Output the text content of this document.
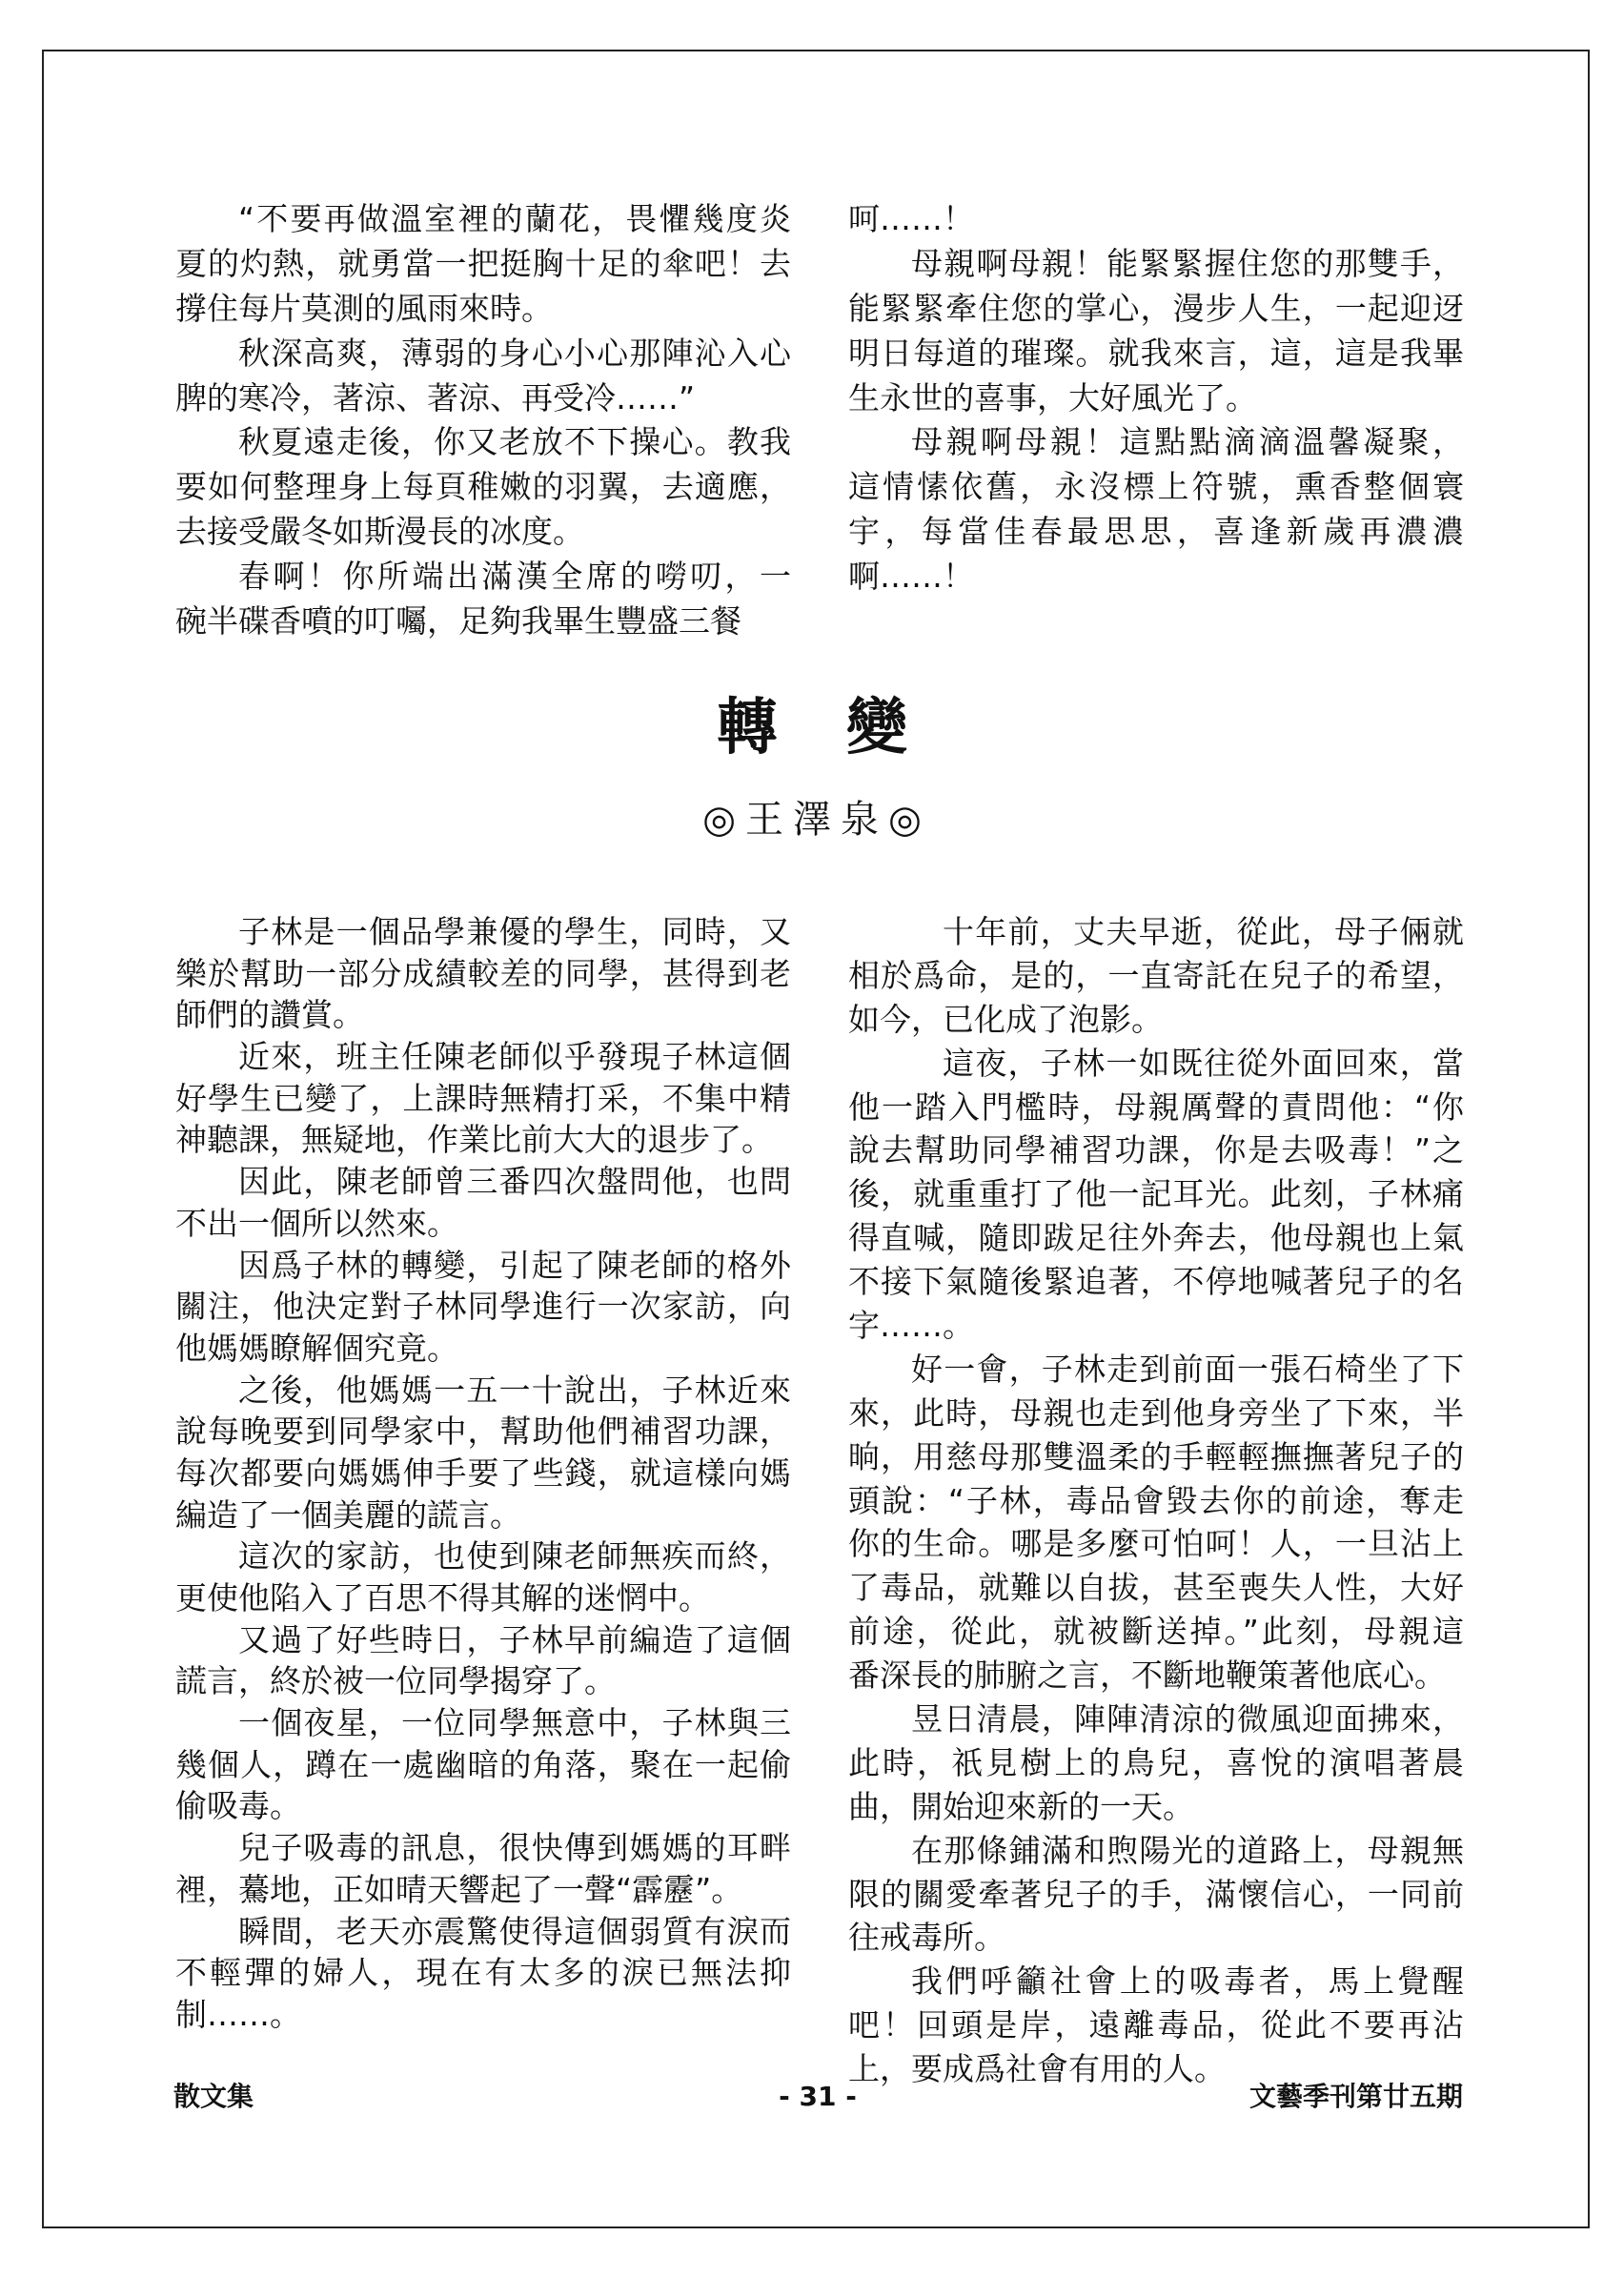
“不要再做溫室裡的蘭花，畏懼幾度炎
夏的灼熱，就勇當一把挺胸十足的傘吧！去
撐住每片莫測的風雨來時。
秋深高爽，薄弱的身心小心那陣沁入心
脾的寒冷，著涼、著涼、再受冷……”
秋夏遠走後，你又老放不下操心。教我
要如何整理身上每頁稚嫩的羽翼，去適應，
去接受嚴冬如斯漫長的冰度。
春啊！你所端出滿漢全席的嘮叨，一
碗半碟香噴的叮囑，足夠我畢生豐盛三餐
呵……！
母親啊母親！能緊緊握住您的那雙手，
能緊緊牽住您的掌心，漫步人生，一起迎迓
明日每道的璀璨。就我來言，這，這是我畢
生永世的喜事，大好風光了。
母親啊母親！這點點滴滴溫馨凝聚，
這情愫依舊，永沒標上符號，熏香整個寰
宇，每當佳春最思思，喜逢新歲再濃濃
啊……！
轉變
◎王澤泉◎
子林是一個品學兼優的學生，同時，又
樂於幫助一部分成績較差的同學，甚得到老
師們的讚賞。
近來，班主任陳老師似乎發現子林這個
好學生已變了，上課時無精打采，不集中精
神聽課，無疑地，作業比前大大的退步了。
因此，陳老師曾三番四次盤問他，也問
不出一個所以然來。
因爲子林的轉變，引起了陳老師的格外
關注，他決定對子林同學進行一次家訪，向
他媽媽瞭解個究竟。
之後，他媽媽一五一十說出，子林近來
說每晚要到同學家中，幫助他們補習功課，
每次都要向媽媽伸手要了些錢，就這樣向媽
編造了一個美麗的謊言。
這次的家訪，也使到陳老師無疾而終，
更使他陷入了百思不得其解的迷惘中。
又過了好些時日，子林早前編造了這個
謊言，終於被一位同學揭穿了。
一個夜星，一位同學無意中，子林與三
幾個人，蹲在一處幽暗的角落，聚在一起偷
偷吸毒。
兒子吸毒的訊息，很快傳到媽媽的耳畔
裡，驀地，正如晴天響起了一聲“霹靂”。
瞬間，老天亦震驚使得這個弱質有淚而
不輕彈的婦人，現在有太多的淚已無法抑
制……。
十年前，丈夫早逝，從此，母子倆就
相於爲命，是的，一直寄託在兒子的希望，
如今，已化成了泡影。
這夜，子林一如既往從外面回來，當
他一踏入門檻時，母親厲聲的責問他：“你
說去幫助同學補習功課，你是去吸毒！”之
後，就重重打了他一記耳光。此刻，子林痛
得直喊，隨即跋足往外奔去，他母親也上氣
不接下氣隨後緊追著，不停地喊著兒子的名
字……。
好一會，子林走到前面一張石椅坐了下
來，此時，母親也走到他身旁坐了下來，半
晌，用慈母那雙溫柔的手輕輕撫撫著兒子的
頭說：“子林，毒品會毀去你的前途，奪走
你的生命。哪是多麼可怕呵！人，一旦沾上
了毒品，就難以自拔，甚至喪失人性，大好
前途，從此，就被斷送掉。”此刻，母親這
番深長的肺腑之言，不斷地鞭策著他底心。
昱日清晨，陣陣清涼的微風迎面拂來，
此時，祇見樹上的鳥兒，喜悅的演唱著晨
曲，開始迎來新的一天。
在那條鋪滿和煦陽光的道路上，母親無
限的關愛牽著兒子的手，滿懷信心，一同前
往戒毒所。
我們呼籲社會上的吸毒者，馬上覺醒
吧！回頭是岸，遠離毒品，從此不要再沾
上，要成爲社會有用的人。
散文集	- 31 -	文藝季刊第廿五期
